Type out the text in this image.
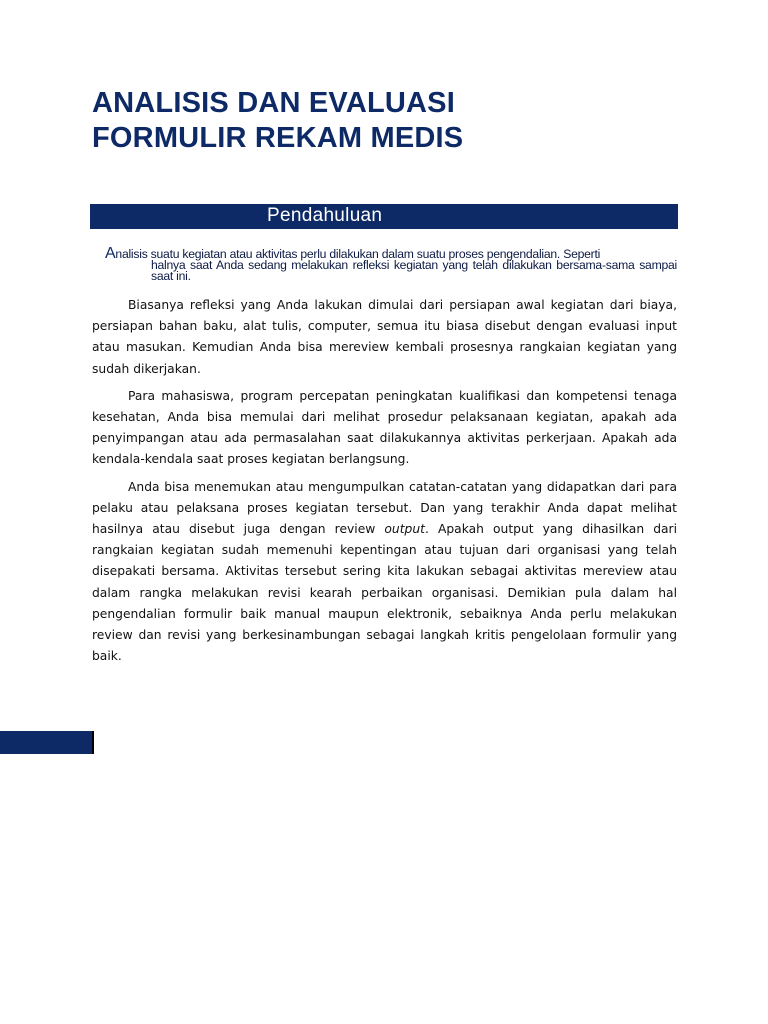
ANALISIS DAN EVALUASI
FORMULIR REKAM MEDIS
Pendahuluan
Analisis suatu kegiatan atau aktivitas perlu dilakukan dalam suatu proses pengendalian. Seperti
halnya saat Anda sedang melakukan refleksi kegiatan yang telah dilakukan bersama-sama sampai saat ini.

Biasanya refleksi yang Anda lakukan dimulai dari persiapan awal kegiatan dari biaya, persiapan bahan baku, alat tulis, computer, semua itu biasa disebut dengan evaluasi input atau masukan. Kemudian Anda bisa mereview kembali prosesnya rangkaian kegiatan yang sudah dikerjakan.

Para mahasiswa, program percepatan peningkatan kualifikasi dan kompetensi tenaga kesehatan, Anda bisa memulai dari melihat prosedur pelaksanaan kegiatan, apakah ada penyimpangan atau ada permasalahan saat dilakukannya aktivitas perkerjaan. Apakah ada kendala-kendala saat proses kegiatan berlangsung.

Anda bisa menemukan atau mengumpulkan catatan-catatan yang didapatkan dari para pelaku atau pelaksana proses kegiatan tersebut. Dan yang terakhir Anda dapat melihat hasilnya atau disebut juga dengan review output. Apakah output yang dihasilkan dari rangkaian kegiatan sudah memenuhi kepentingan atau tujuan dari organisasi yang telah disepakati bersama. Aktivitas tersebut sering kita lakukan sebagai aktivitas mereview atau dalam rangka melakukan revisi kearah perbaikan organisasi. Demikian pula dalam hal pengendalian formulir baik manual maupun elektronik, sebaiknya Anda perlu melakukan review dan revisi yang berkesinambungan sebagai langkah kritis pengelolaan formulir yang baik.
